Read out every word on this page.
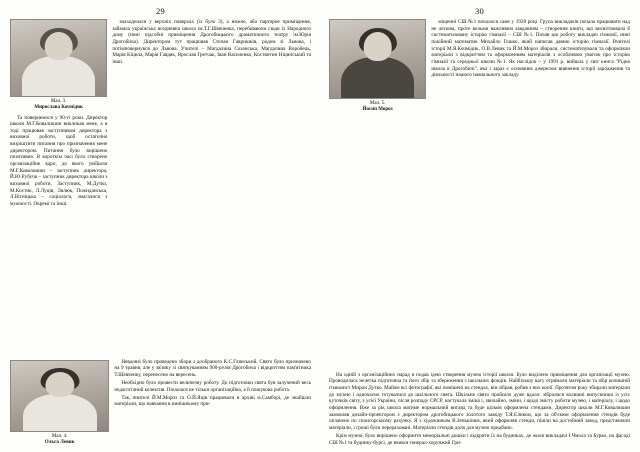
29
Мал. 3.
Мирослава Кочмідик

Та повернемося у 90-ті роки. Директор школи М.Г.Ковалишин викликав мене, а я тоді працював заступником директора з виховної роботи, щоб остаточно визріштити питання про призначення мене директором. Питання було вирішено позитивно. В короткім часі було створено організаційне ядро, до якого увійшли М.Г.Ковалишин – заступник директора, Й.Ю.Рубучк – заступник директора школи з виховної роботи, Заступник, М.Дутко, М.Костик, Л.Луців, Лялюк, Пожиданська, Л.Вігніцька – соціологи, змагалися з мужності. Окремі та інші.

знаходилася у верхніх поверхах (їх було 3), а нижче, або партерне приміщення, займала українська вседневна школа ім.Т.Г.Шевченка, перебиваючи сюди із Народного дому (нині підсобні приміщення Дрогобицького драматичного театру ім.Юрія Дрогобича). Директором тут працював Степан Гавришків, родом зі Львова, і потімповернувся до Львова. Учителі – Магдалина Созанська, Магдалина Воробець, Марія Кіцила, Марія Гавдяк, Ярослав Гретчак, Іван Василенко, Костянтин Ніципський та інші.

Мал. 4.
Ольга Левик

Невдовзі було проведено збори з дообраного К.С.Глянський. Свято було призначено на 9 травня, але у зв'язку зі святкуванням 900-річчя Дрогобича і відкриттям пам'ятника Т.Шевченку, перенесено на вересень.

Необхідно було провести величезну роботу. До підготовки свята був залучений весь педагогічний колектив. Почалася не тільки організаційна, а й пошукова робота.

Так, вчителі Й.М.Мороз та О.Й.Яців працювали в архіві м.Самборі, де знайшли матеріали, що навчання в нинішньому при-

30
Мал. 5.
Йосип Мороз

міщенні СШ №1 почалося саме у 1928 році. Група викладачів почала працювати над не легким, проте вельми важливим завданням – створення книги, що висвітлювала б систематизовану історію гімназії – СШ №1. Почав цю роботу викладач гімназії, нині покійний математик Михайло Гошко, який написав давню історію гімназії. Вчителі історії М.Я.Кочмідик, О.В.Левик та Й.М.Мороз збирали, систематизували та оформляли матеріали з відкриттям та оформленням матеріалів з особливою увагою про історію гімназії та середньої школи №1. Як наслідок – у 1991 р. вийшла у світ книга "Рідна школа в Дрогобичі", яка і зараз є основним джерелом вивчення історії зародження та діяльності нашого навчального закладу.

На одній з організаційних нарад я подав ідею створення музею історії школи. Було виділено приміщення для організації музею. Проводилась нелегка підготовча та його збір та збереження з шкільних фондів. Найбільшу вагу отримали матеріали та збір колишній гімназист Мирон Дутко. Майже всі фотографії, які помішені на стендах, він зібрав, робив з них копії. Протягом року збирали матеріали до музею і одночасно готувалися до шкільного свята. Шкільне свято пройшло дуже вдало: зібралися колишні випускники із усіх куточків світу, з усієї України, після розпаду СРСР, настукала зміна і, звичайно, зміни, і щодо змісту роботи музею, і матеріалу, і щодо оформлення. Вже за рік школа матиме нормальний вигляд та буде цілком оформлена стендами. Директор школи М.Г.Ковалишин замовляв дизайн-проектором з директором дрогобицького золотого заводу Т.Я.Єликом, що за об'ємом оформлення стендів буде оплачено по спонсорському рахунку. Я з художником В.Зепькіним, який оформляв стенди, пішли на достойний завод, представляли матеріали, і гроші були перераховані. Матеріали стендів доля для музею придбано.

Крім музею, було вирішено оформити меморіальні дошки і відкрити їх на будинках, де жили викладачі І.Чмола та Бурко, на фасаді СШ №1 та будинку-бурсі, де вчився генерал-хорунжий Гри-
